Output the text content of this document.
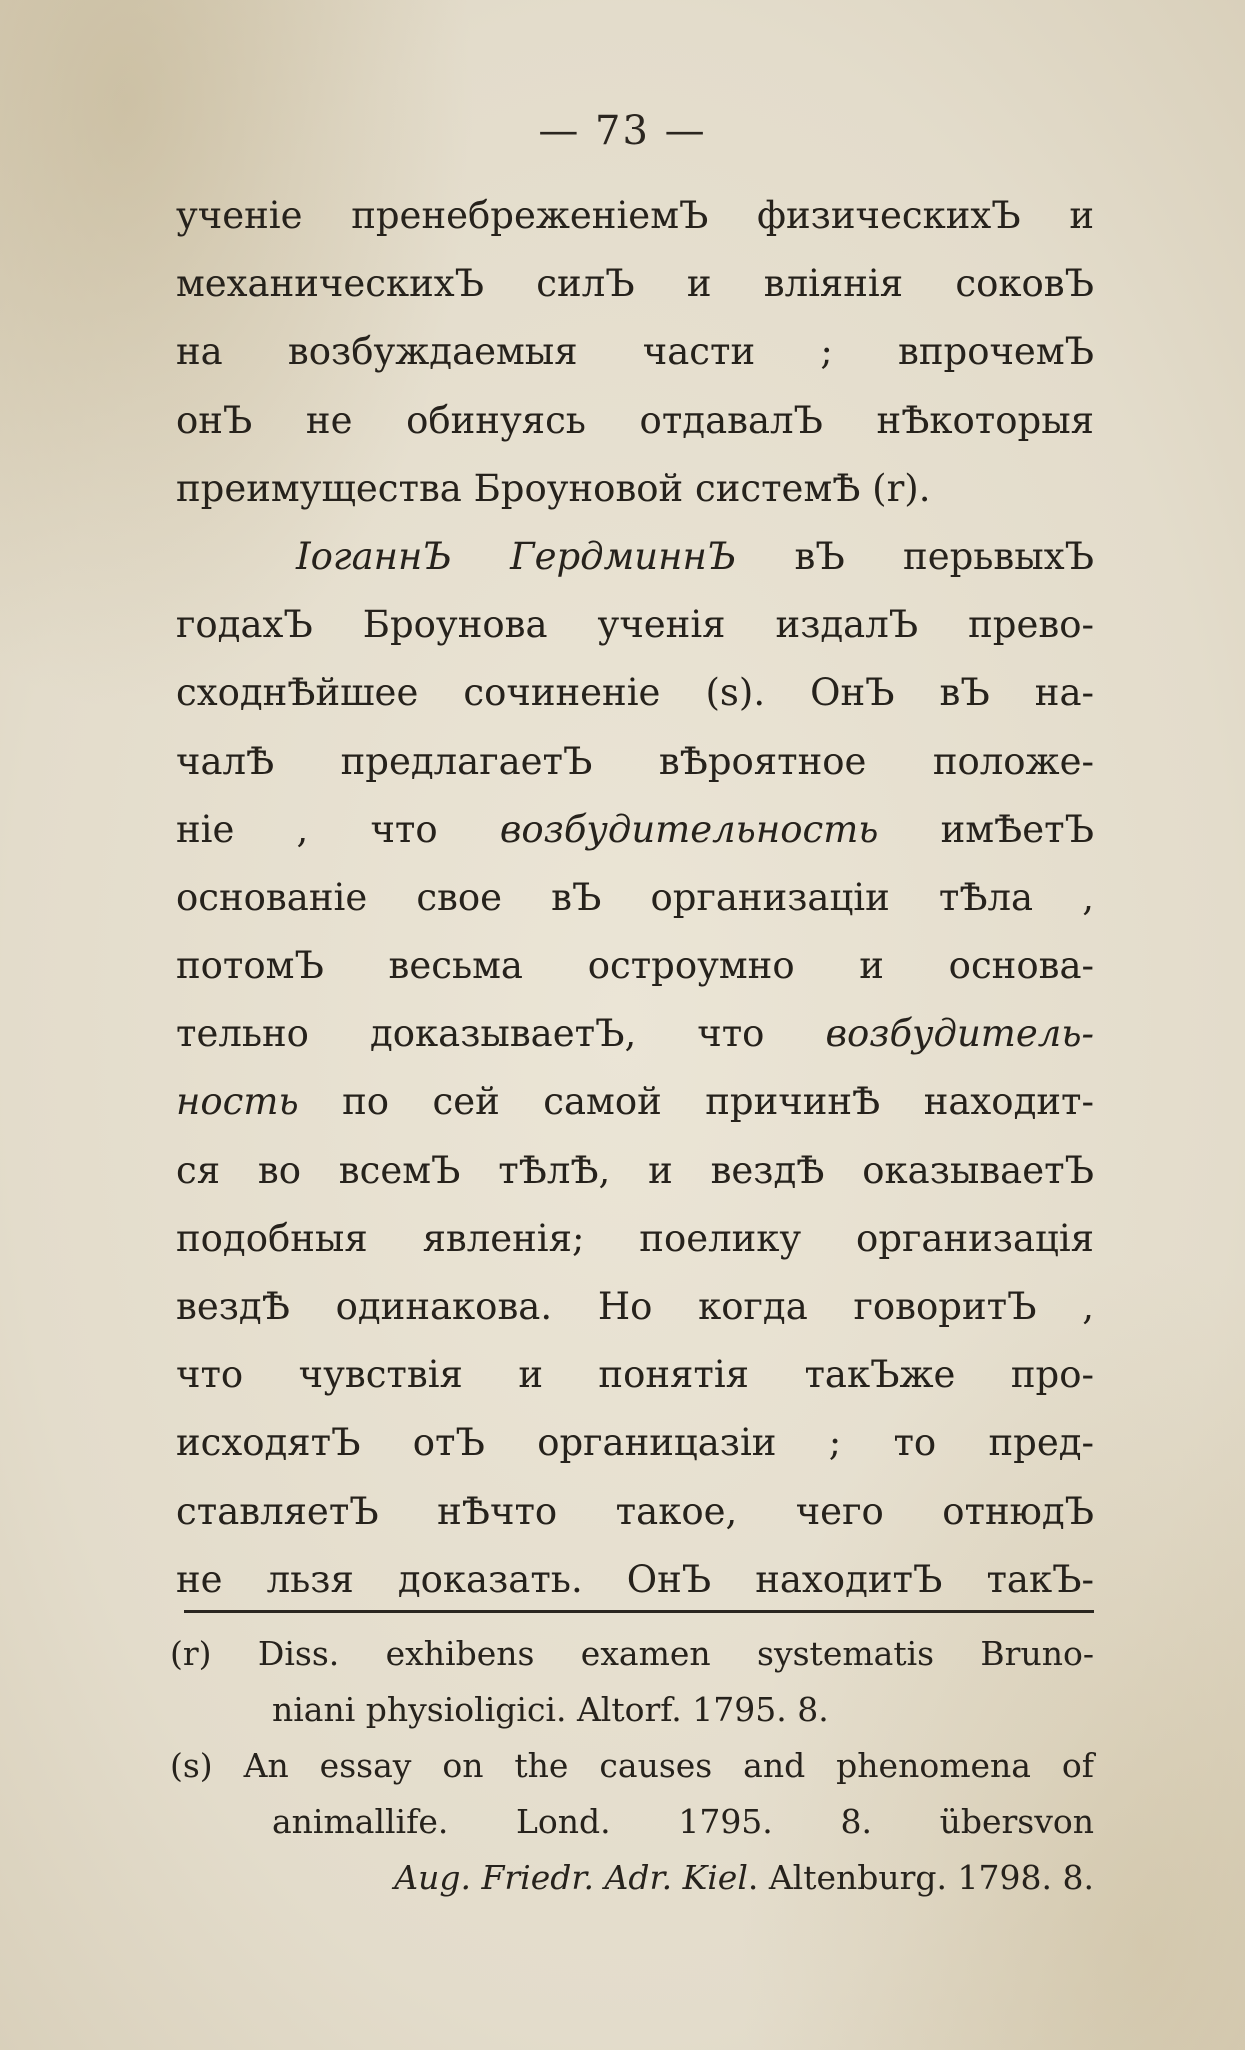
— 73 —
ученіе пренебреженіемЪ физическихЪ и
механическихЪ силЪ и вліянія соковЪ
на возбуждаемыя части ; впрочемЪ
онЪ не обинуясь отдавалЪ нѢкоторыя
преимущества Броуновой системѢ (r).
ІоганнЪ ГердминнЪ вЪ перьвыхЪ
годахЪ Броунова ученія издалЪ прево-
сходнѢйшее сочиненіе (s). ОнЪ вЪ на-
чалѢ предлагаетЪ вѢроятное положе-
ніе , что возбудительность имѢетЪ
основаніе свое вЪ организаціи тѢла ,
потомЪ весьма остроумно и основа-
тельно доказываетЪ, что возбудитель-
ность по сей самой причинѢ находит-
ся во всемЪ тѢлѢ, и вездѢ оказываетЪ
подобныя явленія; поелику организація
вездѢ одинакова. Но когда говоритЪ ,
что чувствія и понятія такЪже про-
исходятЪ отЪ органицазіи ; то пред-
ставляетЪ нѢчто такое, чего отнюдЪ
не льзя доказать. ОнЪ находитЪ такЪ-
(r) Diss. exhibens examen systematis Bruno-
niani physioligici. Altorf. 1795. 8.
(s) An essay on the causes and phenomena of
animallife. Lond. 1795. 8. übersvon
Aug. Friedr. Adr. Kiel. Altenburg. 1798. 8.
